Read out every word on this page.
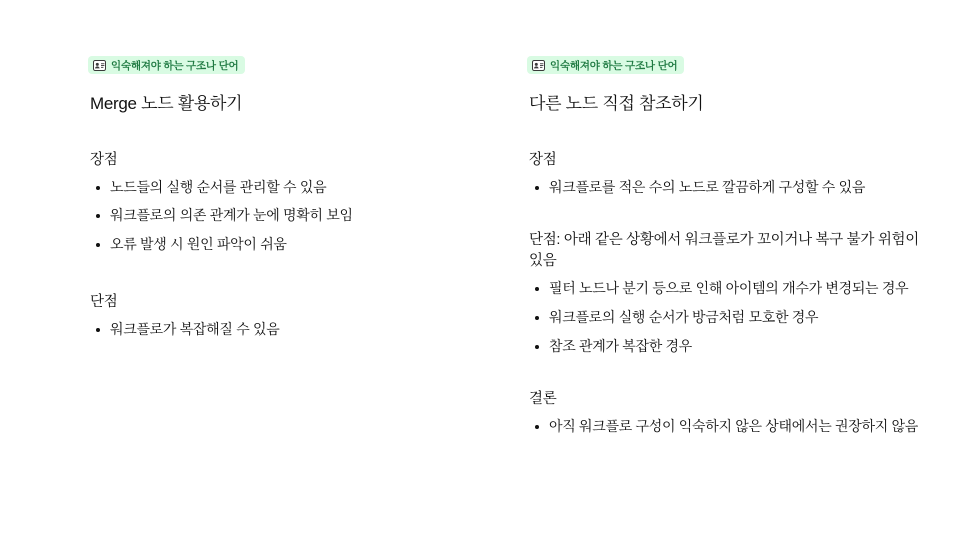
익숙해져야 하는 구조나 단어
Merge 노드 활용하기
장점
노드들의 실행 순서를 관리할 수 있음
워크플로의 의존 관계가 눈에 명확히 보임
오류 발생 시 원인 파악이 쉬움
단점
워크플로가 복잡해질 수 있음
익숙해져야 하는 구조나 단어
다른 노드 직접 참조하기
장점
워크플로를 적은 수의 노드로 깔끔하게 구성할 수 있음
단점: 아래 같은 상황에서 워크플로가 꼬이거나 복구 불가 위험이 있음
필터 노드나 분기 등으로 인해 아이템의 개수가 변경되는 경우
워크플로의 실행 순서가 방금처럼 모호한 경우
참조 관계가 복잡한 경우
결론
아직 워크플로 구성이 익숙하지 않은 상태에서는 권장하지 않음
